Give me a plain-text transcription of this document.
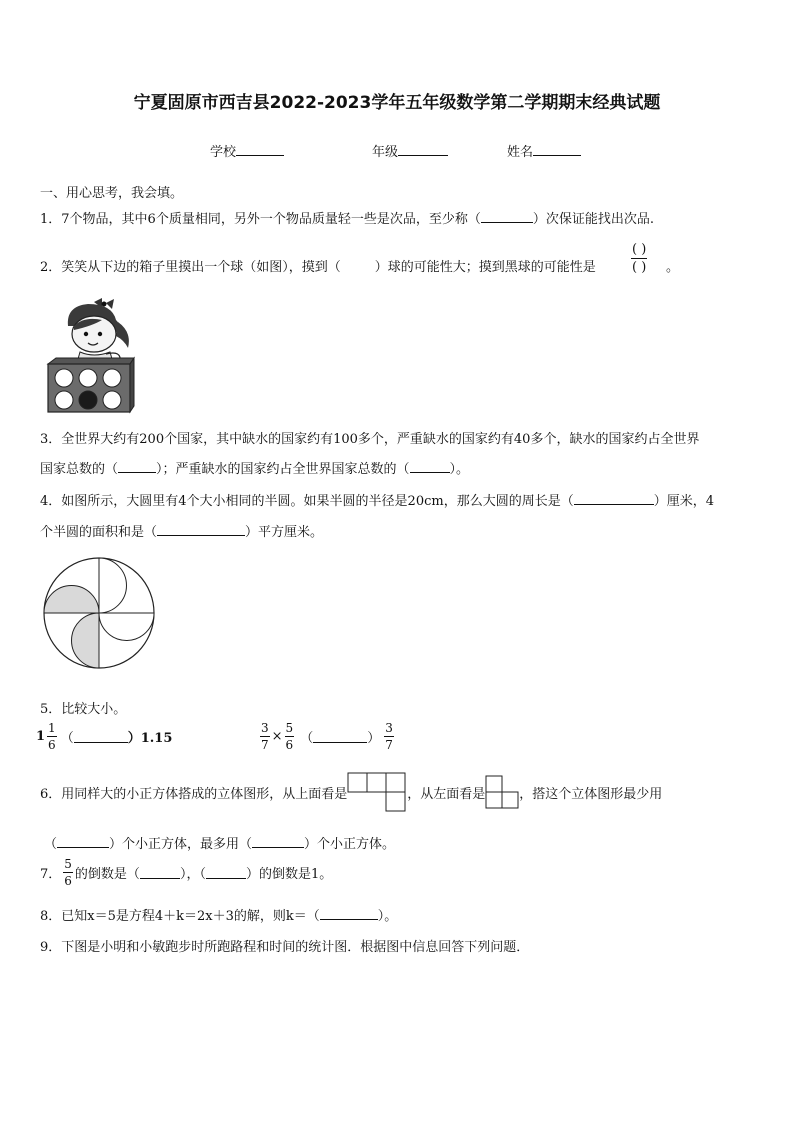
宁夏固原市西吉县2022-2023学年五年级数学第二学期期末经典试题
学校	年级	姓名
一、用心思考，我会填。
1．7个物品，其中6个质量相同，另外一个物品质量轻一些是次品，至少称（	）次保证能找出次品.
2．笑笑从下边的箱子里摸出一个球（如图），摸到（	）球的可能性大；摸到黑球的可能性是	$\frac{( )}{( )}$ 。
3．全世界大约有200个国家，其中缺水的国家约有100多个，严重缺水的国家约有40多个，缺水的国家约占全世界
国家总数的（	）；严重缺水的国家约占全世界国家总数的（	）。
4．如图所示，大圆里有4个大小相同的半圆。如果半圆的半径是20cm，那么大圆的周长是（	）厘米，4
个半圆的面积和是（	）平方厘米。
5．比较大小。
$1 \frac{1}{6}$ （	）1.15	$\frac{3}{7} \times \frac{5}{6}$ （	） $\frac{3}{7}$
6．用同样大的小正方体搭成的立体图形，从上面看是	，从左面看是	，搭这个立体图形最少用
（	）个小正方体，最多用（	）个小正方体。
7． $\frac{5}{6}$ 的倒数是（	），（	）的倒数是1。
8．已知x＝5是方程4＋k＝2x＋3的解，则k＝（	）。
9．下图是小明和小敏跑步时所跑路程和时间的统计图．根据图中信息回答下列问题．
